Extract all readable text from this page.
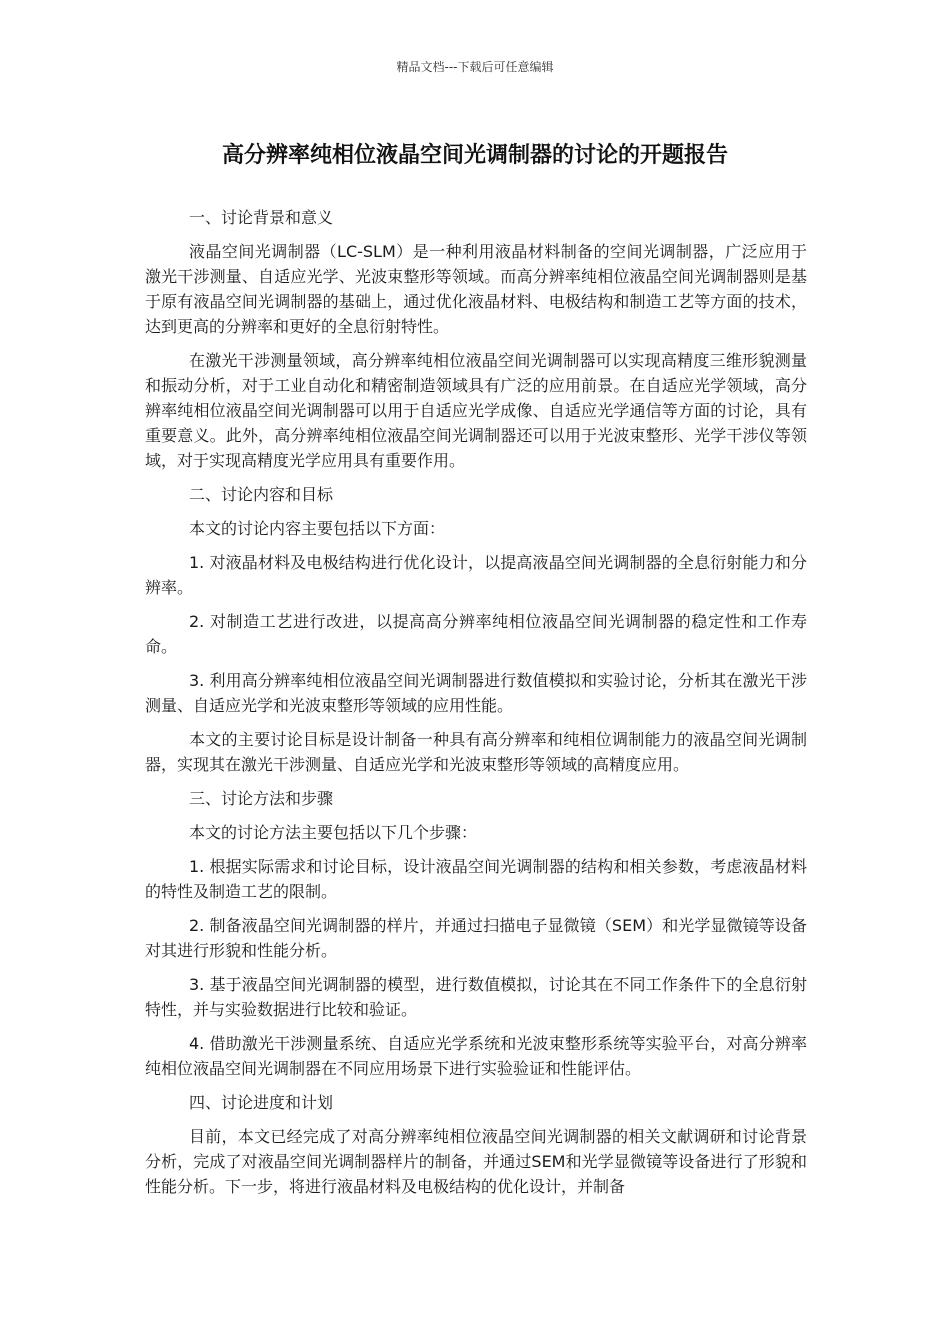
精品文档---下载后可任意编辑
高分辨率纯相位液晶空间光调制器的讨论的开题报告

一、讨论背景和意义

液晶空间光调制器（LC-SLM）是一种利用液晶材料制备的空间光调制器，广泛应用于激光干涉测量、自适应光学、光波束整形等领域。而高分辨率纯相位液晶空间光调制器则是基于原有液晶空间光调制器的基础上，通过优化液晶材料、电极结构和制造工艺等方面的技术，达到更高的分辨率和更好的全息衍射特性。

在激光干涉测量领域，高分辨率纯相位液晶空间光调制器可以实现高精度三维形貌测量和振动分析，对于工业自动化和精密制造领域具有广泛的应用前景。在自适应光学领域，高分辨率纯相位液晶空间光调制器可以用于自适应光学成像、自适应光学通信等方面的讨论，具有重要意义。此外，高分辨率纯相位液晶空间光调制器还可以用于光波束整形、光学干涉仪等领域，对于实现高精度光学应用具有重要作用。

二、讨论内容和目标

本文的讨论内容主要包括以下方面：

1. 对液晶材料及电极结构进行优化设计，以提高液晶空间光调制器的全息衍射能力和分辨率。

2. 对制造工艺进行改进，以提高高分辨率纯相位液晶空间光调制器的稳定性和工作寿命。

3. 利用高分辨率纯相位液晶空间光调制器进行数值模拟和实验讨论，分析其在激光干涉测量、自适应光学和光波束整形等领域的应用性能。

本文的主要讨论目标是设计制备一种具有高分辨率和纯相位调制能力的液晶空间光调制器，实现其在激光干涉测量、自适应光学和光波束整形等领域的高精度应用。

三、讨论方法和步骤

本文的讨论方法主要包括以下几个步骤：

1. 根据实际需求和讨论目标，设计液晶空间光调制器的结构和相关参数，考虑液晶材料的特性及制造工艺的限制。

2. 制备液晶空间光调制器的样片，并通过扫描电子显微镜（SEM）和光学显微镜等设备对其进行形貌和性能分析。

3. 基于液晶空间光调制器的模型，进行数值模拟，讨论其在不同工作条件下的全息衍射特性，并与实验数据进行比较和验证。

4. 借助激光干涉测量系统、自适应光学系统和光波束整形系统等实验平台，对高分辨率纯相位液晶空间光调制器在不同应用场景下进行实验验证和性能评估。

四、讨论进度和计划

目前，本文已经完成了对高分辨率纯相位液晶空间光调制器的相关文献调研和讨论背景分析，完成了对液晶空间光调制器样片的制备，并通过SEM和光学显微镜等设备进行了形貌和性能分析。下一步，将进行液晶材料及电极结构的优化设计，并制备
